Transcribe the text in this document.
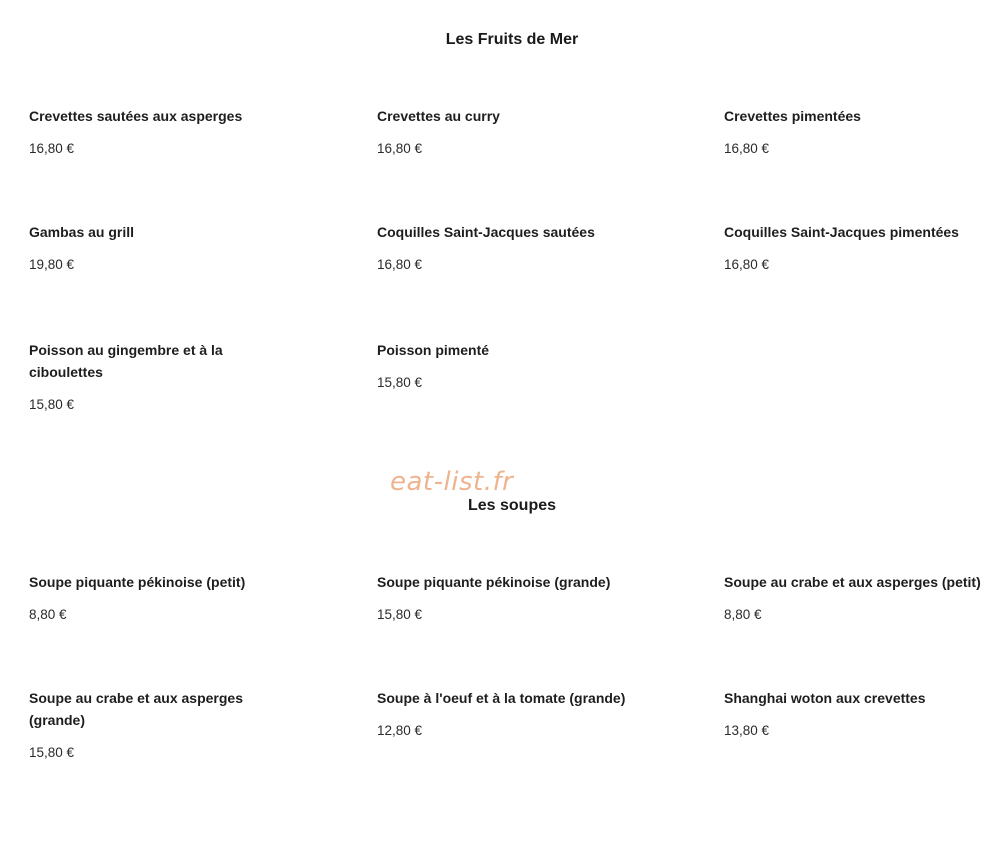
Les Fruits de Mer
Crevettes sautées aux asperges
16,80 €
Crevettes au curry
16,80 €
Crevettes pimentées
16,80 €
Gambas au grill
19,80 €
Coquilles Saint-Jacques sautées
16,80 €
Coquilles Saint-Jacques pimentées
16,80 €
Poisson au gingembre et à la ciboulettes
15,80 €
Poisson pimenté
15,80 €
eat-list.fr
Les soupes
Soupe piquante pékinoise (petit)
8,80 €
Soupe piquante pékinoise (grande)
15,80 €
Soupe au crabe et aux asperges (petit)
8,80 €
Soupe au crabe et aux asperges (grande)
15,80 €
Soupe à l'oeuf et à la tomate (grande)
12,80 €
Shanghai woton aux crevettes
13,80 €
